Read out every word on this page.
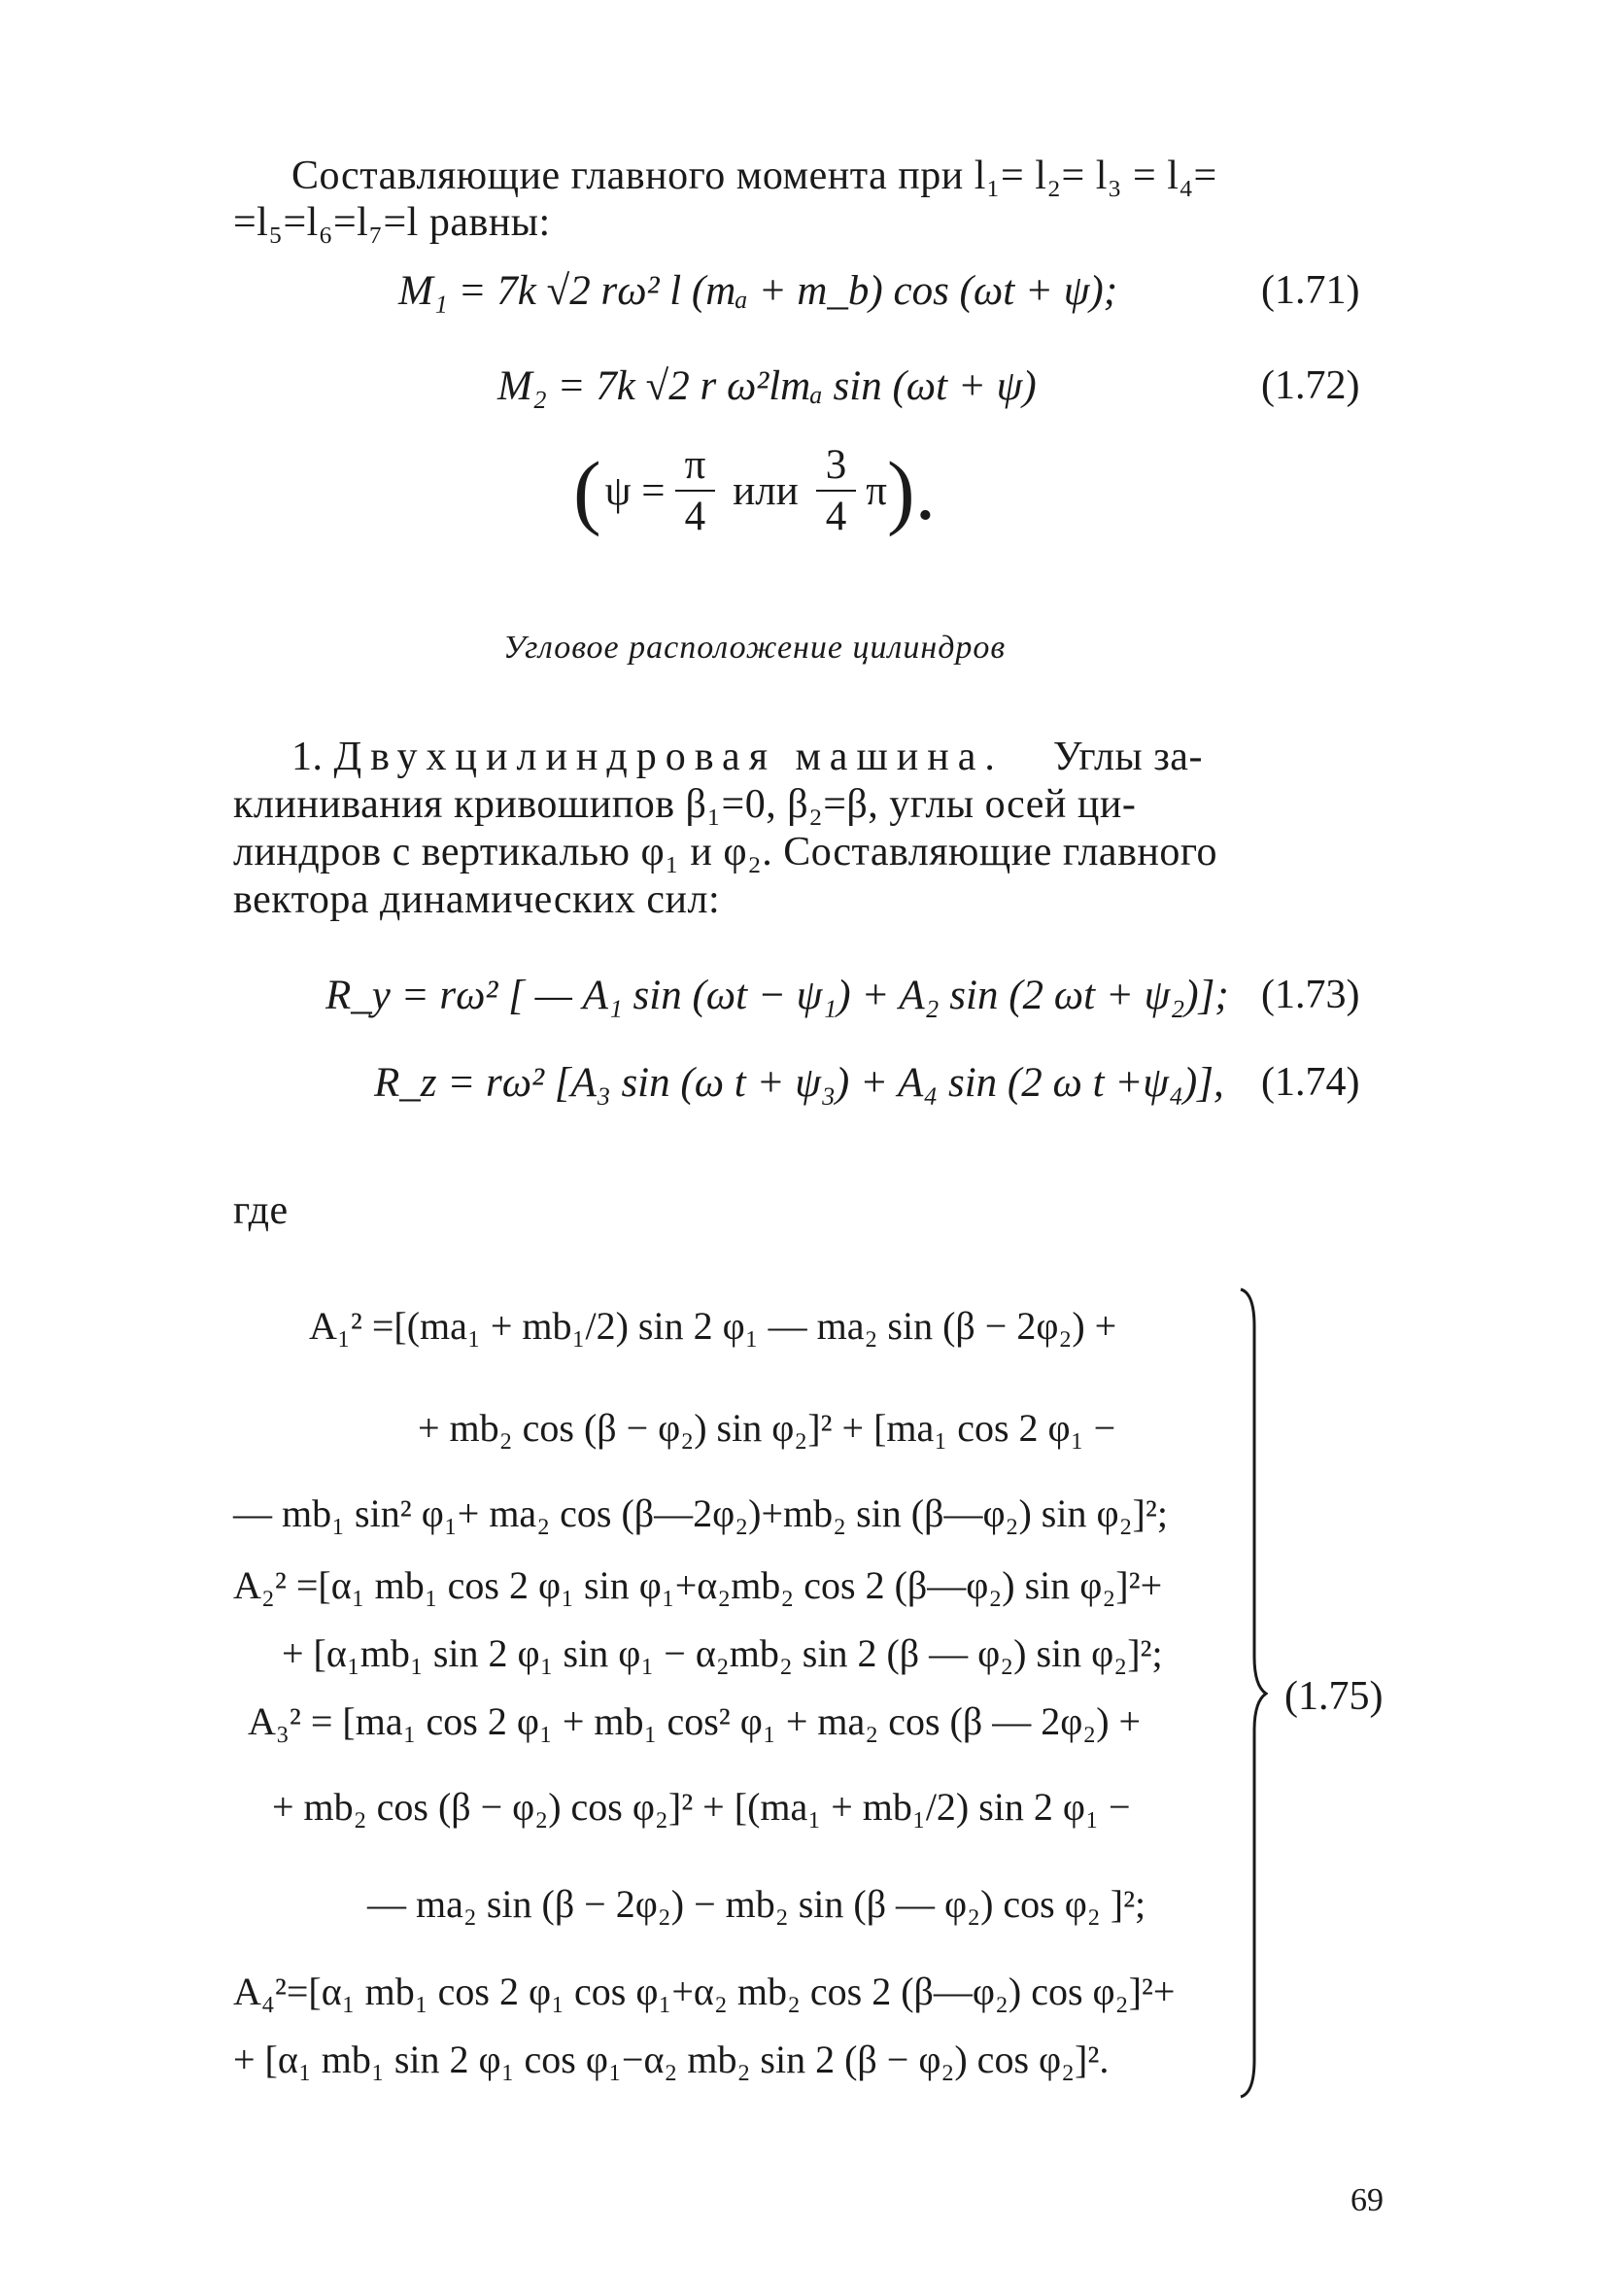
Составляющие главного момента при l₁= l₂= l₃ = l₄=
=l₅=l₆=l₇=l равны:
M₁ = 7k √2 rω² l (mₐ + m_b) cos (ωt + ψ);	(1.71)
M₂ = 7k √2 r ω²lmₐ sin (ωt + ψ)	(1.72)
( $\psi = \frac{\pi}{4}$ или $\frac{3}{4}$ π ).
Угловое расположение цилиндров
1. Двухцилиндровая машина. Углы за-
клинивания кривошипов β₁=0, β₂=β, углы осей ци-
линдров с вертикалью φ₁ и φ₂. Составляющие главного
вектора динамических сил:
R_y = rω² [ — A₁ sin (ωt − ψ₁) + A₂ sin (2 ωt + ψ₂)]; (1.73)
R_z = rω² [A₃ sin (ω t + ψ₃) + A₄ sin (2 ω t +ψ₄)], (1.74)
где
A₁² =[(ma₁ + mb₁/2) sin 2 φ₁ — ma₂ sin (β − 2φ₂) +
+ mb₂ cos (β − φ₂) sin φ₂]² + [ma₁ cos 2 φ₁ −
— mb₁ sin² φ₁+ ma₂ cos (β—2φ₂)+mb₂ sin (β—φ₂) sin φ₂]²;
A₂² =[α₁ mb₁ cos 2 φ₁ sin φ₁+α₂mb₂ cos 2 (β—φ₂) sin φ₂]²+
+ [α₁mb₁ sin 2 φ₁ sin φ₁ − α₂mb₂ sin 2 (β — φ₂) sin φ₂]²;
A₃² = [ma₁ cos 2 φ₁ + mb₁ cos² φ₁ + ma₂ cos (β — 2φ₂) +
+ mb₂ cos (β − φ₂) cos φ₂]² + [(ma₁ + mb₁/2) sin 2 φ₁ −
— ma₂ sin (β − 2φ₂) − mb₂ sin (β — φ₂) cos φ₂ ]²;
A₄²=[α₁ mb₁ cos 2 φ₁ cos φ₁+α₂ mb₂ cos 2 (β—φ₂) cos φ₂]²+
+ [α₁ mb₁ sin 2 φ₁ cos φ₁−α₂ mb₂ sin 2 (β − φ₂) cos φ₂]².
(1.75)
69
